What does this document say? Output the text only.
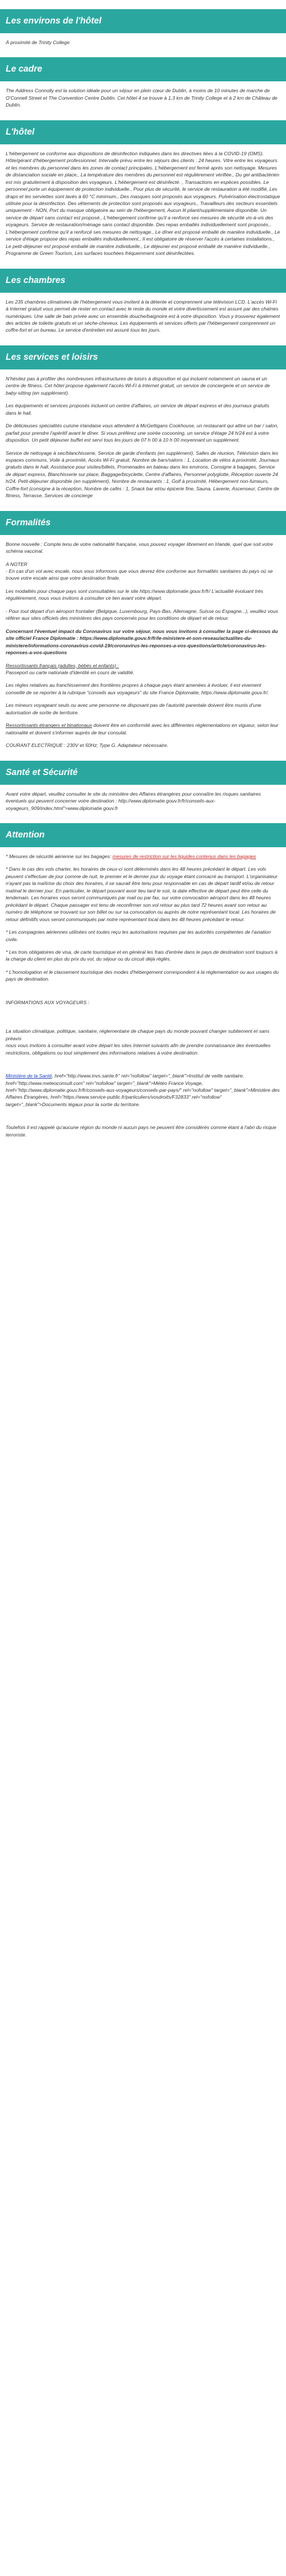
Les environs de l'hôtel

À proximité de Trinity College

Le cadre

The Address Connolly est la solution idéale pour un séjour en plein cœur de Dublin, à moins de 10 minutes de marche de O'Connell Street et The Convention Centre Dublin. Cet hôtel 4 se trouve à 1,3 km de Trinity College et à 2 km de Château de Dublin.

L'hôtel

L'hébergement se conforme aux dispositions de désinfection indiquées dans les directives liées à la COVID-19 (OMS). Hôte/gérant d'hébergement professionnel. Intervalle prévu entre les séjours des clients : 24 heures. Vitre entre les voyageurs et les membres du personnel dans les zones de contact principales. L'hébergement est fermé après son nettoyage. Mesures de distanciation sociale en place., La température des membres du personnel est régulièrement vérifiée., Du gel antibactérien est mis gratuitement à disposition des voyageurs. L'hébergement est désinfecté. , Transactions en espèces possibles. Le personnel porte un équipement de protection individuelle., Pour plus de sécurité, le service de restauration a été modifié, Les draps et les serviettes sont lavés à 60 °C minimum., Des masques sont proposés aux voyageurs. Pulvérisation électrostatique utilisée pour la désinfection. Des vêtements de protection sont proposés aux voyageurs., Travailleurs des secteurs essentiels uniquement - NON, Port du masque obligatoire au sein de l'hébergement, Aucun lit pliant/supplémentaire disponible. Un service de départ sans contact est proposé., L'hébergement confirme qu'il a renforcé ses mesures de sécurité vis-à-vis des voyageurs. Service de restauration/ménage sans contact disponible. Des repas emballés individuellement sont proposés., L'hébergement confirme qu'il a renforcé ses mesures de nettoyage., Le dîner est proposé emballé de manière individuelle., Le service d'étage propose des repas emballés individuellement., Il est obligatoire de réserver l'accès à certaines installations., Le petit-déjeuner est proposé emballé de manière individuelle., Le déjeuner est proposé emballé de manière individuelle., Programme de Green Tourism, Les surfaces touchées fréquemment sont désinfectées.

Les chambres

Les 235 chambres climatisées de l'hébergement vous invitent à la détente et comprennent une télévision LCD. L'accès Wi-Fi à Internet gratuit vous permet de rester en contact avec le reste du monde et votre divertissement est assuré par des chaînes numériques. Une salle de bain privée avec un ensemble douche/baignoire est à votre disposition. Vous y trouverez également des articles de toilette gratuits et un sèche-cheveux. Les équipements et services offerts par l'hébergement comprennent un coffre-fort et un bureau. Le service d'entretien est assuré tous les jours.

Les services et loisirs

N'hésitez pas à profiter des nombreuses infrastructures de loisirs à disposition et qui incluent notamment un sauna et un centre de fitness. Cet hôtel propose également l'accès Wi-Fi à Internet gratuit, un service de conciergerie et un service de baby-sitting (en supplément).

Les équipements et services proposés incluent un centre d'affaires, un service de départ express et des journaux gratuits dans le hall.

De délicieuses spécialités cuisine irlandaise vous attendent à McGettigans Cookhouse, un restaurant qui attire un bar / salon, parfait pour prendre l'apéritif avant le dîner. Si vous préférez une soirée cocooning, un service d'étage 24 h/24 est à votre disposition. Un petit déjeuner buffet est servi tous les jours de 07 h 00 à 10 h 00 moyennant un supplément.

Service de nettoyage à sec/blanchisserie, Service de garde d'enfants (en supplément), Salles de réunion, Télévision dans les espaces communs, Voile à proximité, Accès Wi-Fi gratuit, Nombre de bars/salons : 1, Location de vélos à proximité, Journaux gratuits dans le hall, Assistance pour visites/billets, Promenades en bateau dans les environs, Consigne à bagages, Service de départ express, Blanchisserie sur place, Baggage/bicyclette, Centre d'affaires, Personnel polyglotte, Réception ouverte 24 h/24, Petit-déjeuner disponible (en supplément), Nombre de restaurants : 1, Golf à proximité, Hébergement non-fumeurs, Coffre-fort (consigne à la réception, Nombre de cafés : 1, Snack bar et/ou épicerie fine, Sauna, Laverie, Ascenseur, Centre de fitness, Terrasse, Services de concierge

Formalités

Bonne nouvelle : Compte tenu de votre nationalité française, vous pouvez voyager librement en Irlande, quel que soit votre schéma vaccinal.

A NOTER

- En cas d'un vol avec escale, nous vous informons que vous devrez être conforme aux formalités sanitaires du pays où se trouve votre escale ainsi que votre destination finale.

Les modalités pour chaque pays sont consultables sur le site https://www.diplomatie.gouv.fr/fr/ L'actualité évoluant très régulièrement, nous vous invitons à consulter ce lien avant votre départ.

- Pour tout départ d'un aéroport frontalier (Belgique, Luxembourg, Pays-Bas, Allemagne, Suisse ou Espagne...), veuillez vous référer aux sites officiels des ministères des pays concernés pour les conditions de départ et de retour.

Concernant l'éventuel impact du Coronavirus sur votre séjour, nous vous invitons à consulter la page ci-dessous du site officiel France Diplomatie : https://www.diplomatie.gouv.fr/fr/le-ministere-et-son-reseau/actualites-du-ministere/informations-coronavirus-covid-19/coronavirus-les-reponses-a-vos-questions/article/coronavirus-les-reponses-a-vos-questions

Ressortissants français (adultes, bébés et enfants) :
Passeport ou carte nationale d'identité en cours de validité.

Les règles relatives au franchissement des frontières propres à chaque pays étant amenées à évoluer, il est vivement conseillé de se reporter à la rubrique "conseils aux voyageurs" du site France Diplomatie, https://www.diplomatie.gouv.fr/.

Les mineurs voyageant seuls ou avec une personne ne disposant pas de l'autorité parentale doivent être munis d'une autorisation de sortie de territoire.

Ressortissants étrangers et binationaux doivent être en conformité avec les différentes réglementations en vigueur, selon leur nationalité et doivent s'informer auprès de leur consulat.

COURANT ELECTRIQUE : 230V et 50Hz; Type G. Adaptateur nécessaire.

Santé et Sécurité

Avant votre départ, veuillez consulter le site du ministère des Affaires étrangères pour connaître les risques sanitaires éventuels qui peuvent concerner votre destination : http://www.diplomatie.gouv.fr/fr/conseils-aux-voyageurs_909/index.html">www.diplomatie.gouv.fr

Attention

* Mesures de sécurité aérienne sur les bagages: mesures de restriction sur les liquides contenus dans les bagages

* Dans le cas des vols charter, les horaires de ceux-ci sont déterminés dans les 48 heures précédant le départ. Les vols peuvent s'effectuer de jour comme de nuit, le premier et le dernier jour du voyage étant consacré au transport. L'organisateur n'ayant pas la maîtrise du choix des horaires, il se saurait être tenu pour responsable en cas de départ tardif et/ou de retour matinal le dernier jour. En particulier, le départ pouvant avoir lieu tard le soir, la date effective de départ peut être celle du lendemain. Les horaires vous seront communiqués par mail ou par fax, sur votre convocation aéroport dans les 48 heures précédant le départ. Chaque passager est tenu de reconfirmer son vol retour au plus tard 72 heures avant son retour au numéro de téléphone se trouvant sur son billet ou sur sa convocation ou auprès de notre représentant local. Les horaires de retour définitifs vous seront communiqués par notre représentant local dans les 48 heures précédant le retour.

* Les compagnies aériennes utilisées ont toutes reçu les autorisations requises par les autorités compétentes de l'aviation civile.

* Les trois obligatoires de visa, de carte touristique et en général les frais d'entrée dans le pays de destination sont toujours à la charge du client en plus du prix du vol, du séjour ou du circuit déjà réglés.

* L'homologation et le classement touristique des modes d'hébergement correspondent à la réglementation ou aux usages du pays de destination.

INFORMATIONS AUX VOYAGEURS :

La situation climatique, politique, sanitaire, réglementaire de chaque pays du monde pouvant changer subitement et sans préavis

nous vous invitons à consulter avant votre départ les sites Internet suivants afin de prendre connaissance des éventuelles restrictions, obligations ou tout simplement des informations relatives à votre destination.

Ministère de la Santé, href="http://www.invs.sante.fr" rel="nofollow" target="_blank">Institut de veille sanitaire, href="http://www.meteoconsult.com" rel="nofollow" target="_blank">Météo France Voyage, href="http://www.diplomatie.gouv.fr/fr/conseils-aux-voyageurs/conseils-par-pays/" rel="nofollow" target="_blank">Ministère des Affaires Étrangères, href="https://www.service-public.fr/particuliers/vosdroits/F32833" rel="nofollow" target="_blank">Documents légaux pour la sortie du territoire.

Toutefois il est rappelé qu'aucune région du monde ni aucun pays ne peuvent être considérés comme étant à l'abri du risque terroriste.
